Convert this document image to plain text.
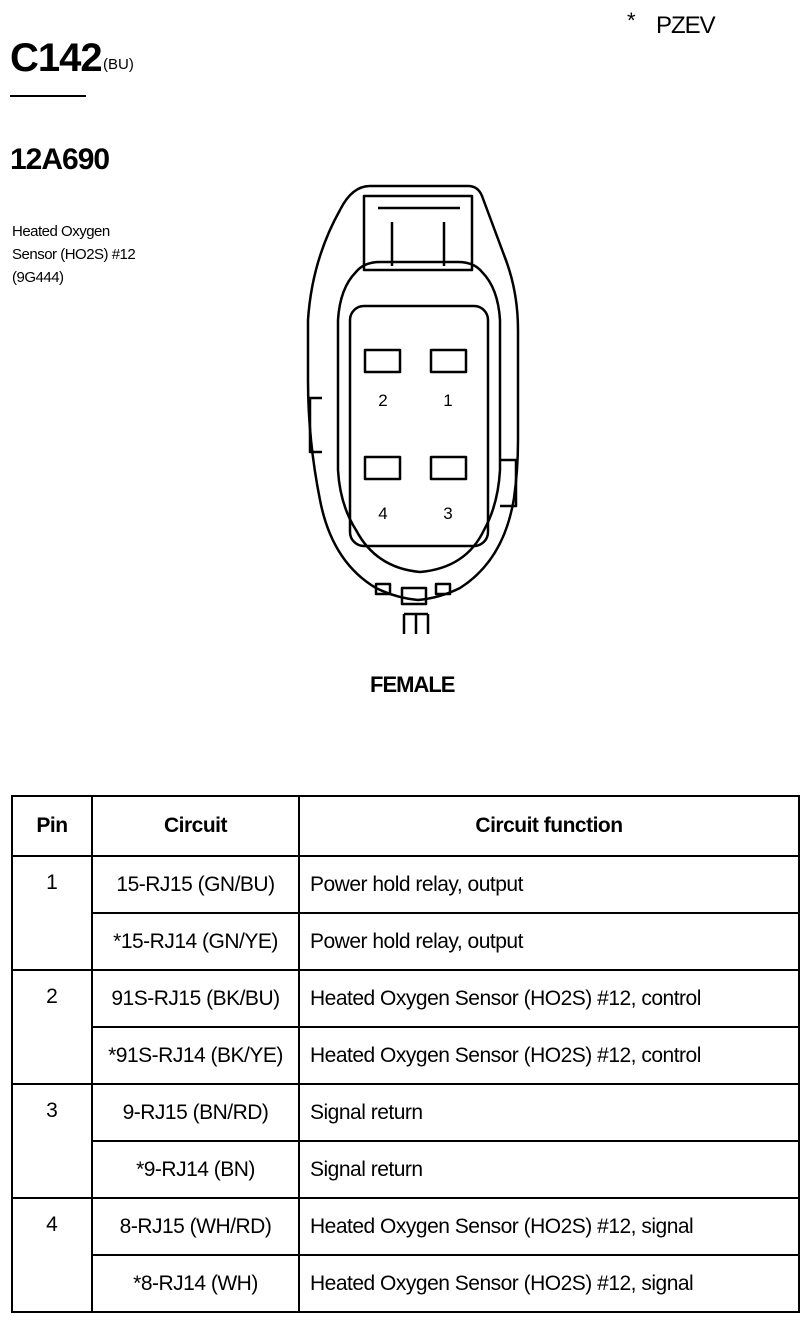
* PZEV
C142 (BU)
12A690
Heated Oxygen
Sensor (HO2S) #12
(9G444)
2	1
4	3
FEMALE
Pin	Circuit	Circuit function
1	15-RJ15 (GN/BU)	Power hold relay, output
	*15-RJ14 (GN/YE)	Power hold relay, output
2	91S-RJ15 (BK/BU)	Heated Oxygen Sensor (HO2S) #12, control
	*91S-RJ14 (BK/YE)	Heated Oxygen Sensor (HO2S) #12, control
3	9-RJ15 (BN/RD)	Signal return
	*9-RJ14 (BN)	Signal return
4	8-RJ15 (WH/RD)	Heated Oxygen Sensor (HO2S) #12, signal
	*8-RJ14 (WH)	Heated Oxygen Sensor (HO2S) #12, signal
